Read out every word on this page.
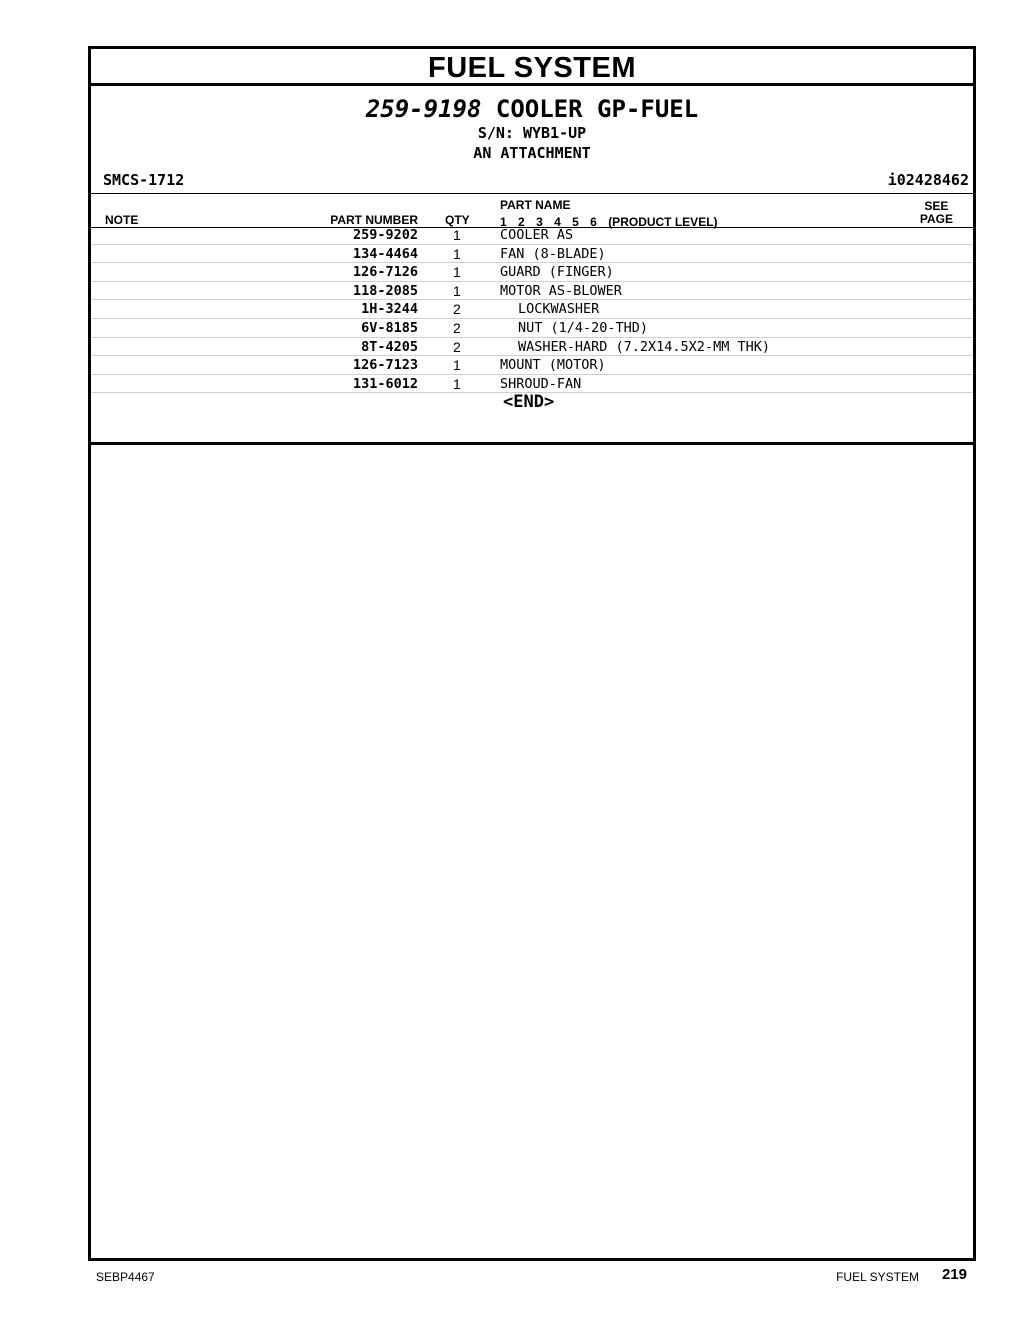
FUEL SYSTEM
259-9198 COOLER GP-FUEL
S/N: WYB1-UP
AN ATTACHMENT
SMCS-1712	i02428462
NOTE	PART NUMBER QTY
PART NAME
1 2 3 4 5 6 (PRODUCT LEVEL)
SEE
PAGE
259-9202	1	COOLER AS
134-4464	1	FAN (8-BLADE)
126-7126	1	GUARD (FINGER)
118-2085	1	MOTOR AS-BLOWER
1H-3244	2	LOCKWASHER
6V-8185	2	NUT (1/4-20-THD)
8T-4205	2	WASHER-HARD (7.2X14.5X2-MM THK)
126-7123	1	MOUNT (MOTOR)
131-6012	1	SHROUD-FAN
<END>
SEBP4467	FUEL SYSTEM 219
